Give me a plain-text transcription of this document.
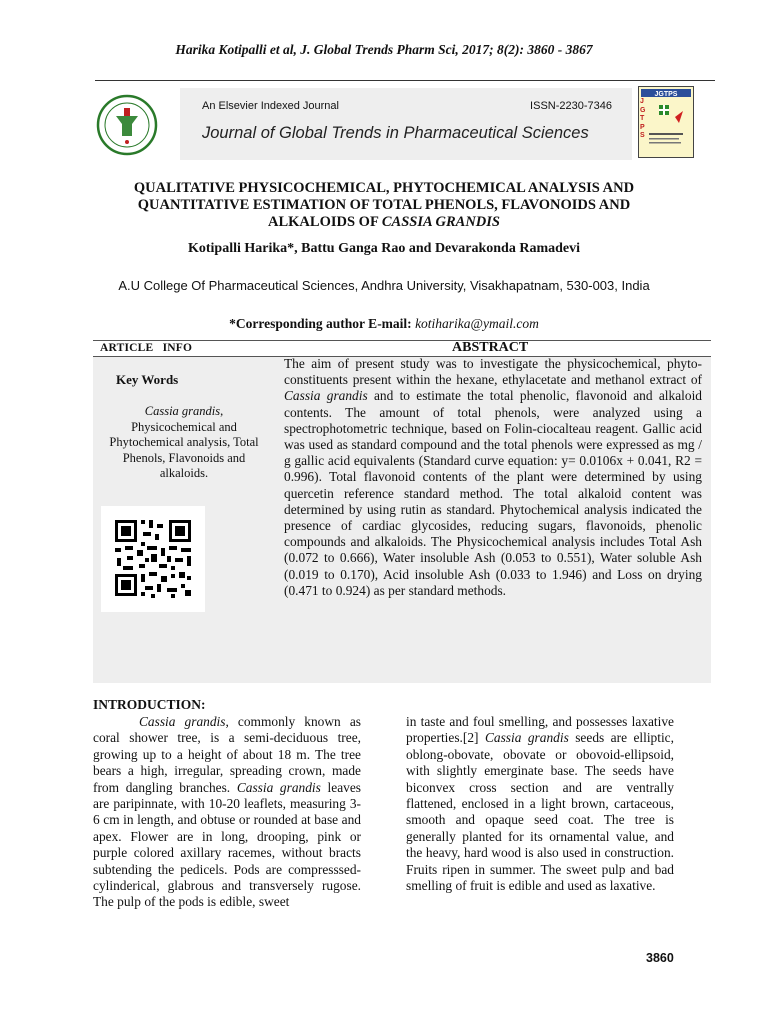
Harika Kotipalli et al, J. Global Trends Pharm Sci, 2017; 8(2): 3860 - 3867
An Elsevier Indexed Journal	ISSN-2230-7346
Journal of Global Trends in Pharmaceutical Sciences
JGTPS
J G T P S
QUALITATIVE PHYSICOCHEMICAL, PHYTOCHEMICAL ANALYSIS AND QUANTITATIVE ESTIMATION OF TOTAL PHENOLS, FLAVONOIDS AND ALKALOIDS OF CASSIA GRANDIS
Kotipalli Harika*, Battu Ganga Rao and Devarakonda Ramadevi
A.U College Of Pharmaceutical Sciences, Andhra University, Visakhapatnam, 530-003, India
*Corresponding author E-mail: kotiharika@ymail.com
ARTICLE   INFO	ABSTRACT
Key Words
Cassia grandis, Physicochemical and Phytochemical analysis, Total Phenols, Flavonoids and alkaloids.
The aim of present study was to investigate the physicochemical, phyto-constituents present within the hexane, ethylacetate and methanol extract of Cassia grandis and to estimate the total phenolic, flavonoid and alkaloid contents. The amount of total phenols, were analyzed using a spectrophotometric technique, based on Folin-ciocalteau reagent. Gallic acid was used as standard compound and the total phenols were expressed as mg / g gallic acid equivalents (Standard curve equation: y= 0.0106x + 0.041, R2 = 0.996). Total flavonoid contents of the plant were determined by using quercetin reference standard method. The total alkaloid content was determined by using rutin as standard. Phytochemical analysis indicated the presence of cardiac glycosides, reducing sugars, flavonoids, phenolic compounds and alkaloids. The Physicochemical analysis includes Total Ash (0.072 to 0.666), Water insoluble Ash (0.053 to 0.551), Water soluble Ash (0.019 to 0.170), Acid insoluble Ash (0.033 to 1.946) and Loss on drying (0.471 to 0.924) as per standard methods.
INTRODUCTION:
Cassia grandis, commonly known as coral shower tree, is a semi-deciduous tree, growing up to a height of about 18 m. The tree bears a high, irregular, spreading crown, made from dangling branches. Cassia grandis leaves are paripinnate, with 10-20 leaflets, measuring 3-6 cm in length, and obtuse or rounded at base and apex. Flower are in long, drooping, pink or purple colored axillary racemes, without bracts subtending the pedicels. Pods are compresssed-cylinderical, glabrous and transversely rugose. The pulp of the pods is edible, sweet
in taste and foul smelling, and possesses laxative properties.[2] Cassia grandis seeds are elliptic, oblong-obovate, obovate or obovoid-ellipsoid, with slightly emerginate base. The seeds have biconvex cross section and are ventrally flattened, enclosed in a light brown, cartaceous, smooth and opaque seed coat. The tree is generally planted for its ornamental value, and the heavy, hard wood is also used in construction. Fruits ripen in summer. The sweet pulp and bad smelling of fruit is edible and used as laxative.
3860
